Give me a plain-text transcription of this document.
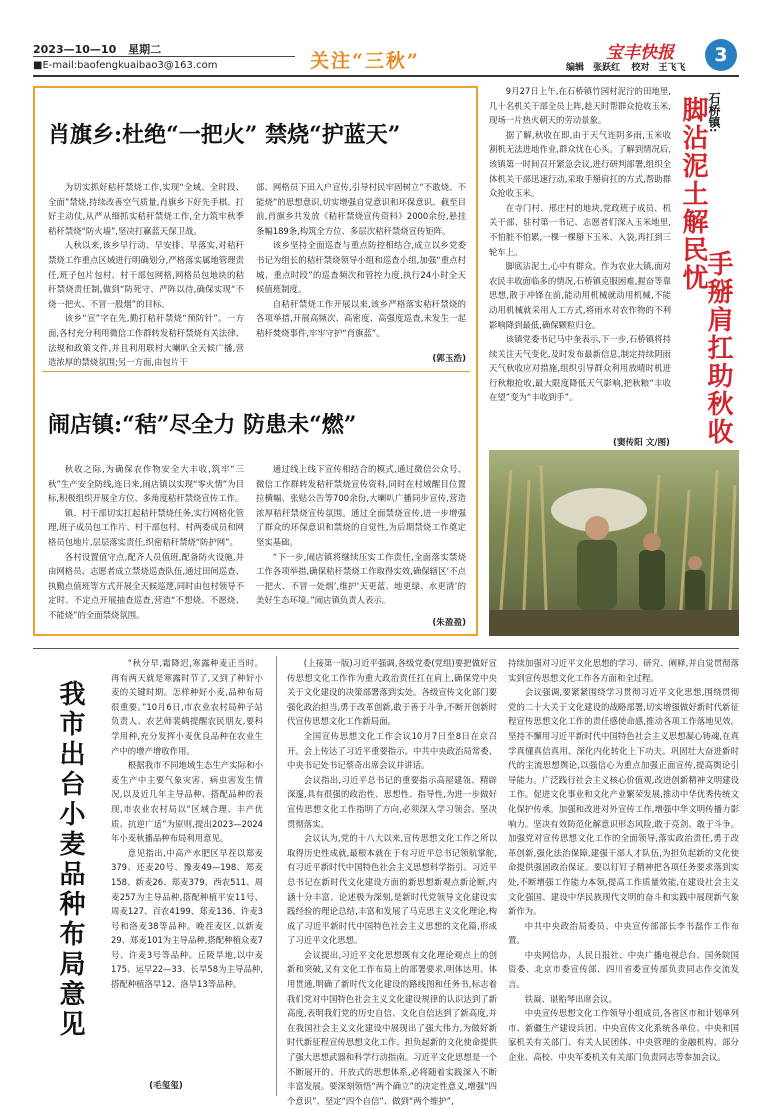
2023—10—10 星期二
■E-mail:baofengkuaibao3@163.com	关注“三秋”	宝丰快报	3
编辑 张跃红 校对 王飞飞
肖旗乡:杜绝“一把火” 禁烧“护蓝天”
为切实抓好秸秆禁烧工作,实现“全域、全时段、全面”禁烧,持续改善空气质量,肖旗乡下好先手棋、打好主动仗,从严从细抓实秸秆禁烧工作,全力筑牢秋季秸秆禁烧“防火墙”,坚决打赢蓝天保卫战。
人秋以来,该乡早行动、早安排、早落实,对秸秆禁烧工作重点区域进行明确划分,严格落实属地管理责任,班子包片包村、村干部包网格,网格员包地块的秸秆禁烧责任制,做到“防死守、严阵以待,确保实现“不烧一把火、不冒一股烟”的目标。
该乡“宣”字在先,勤打秸秆禁烧“预防针”。一方面,各村充分利用微信工作群转发秸秆禁烧有关法律、法规和政策文件,并且利用联村大喇叭全天候广播,营造浓厚的禁烧氛围;另一方面,由包片干
部、网格员下田入户宣传,引导村民牢固树立“不敢烧、不能烧”的思想意识,切实增强自觉意识和环保意识。截至目前,肖旗乡共发放《秸秆禁烧宣传资料》2000余份,悬挂条幅189条,构筑全方位、多层次秸秆禁烧宣传矩阵。
该乡坚持全面巡查与重点防控相结合,成立以乡党委书记为组长的秸秆禁烧领导小组和巡查小组,加强“重点村城、重点时段”的巡查频次和管控力度,执行24小时全天候值班制度。
自秸秆禁烧工作开展以来,该乡严格落实秸秆禁烧的各项举措,开展高频次、高密度、高强度巡查,未发生一起秸秆焚烧事件,牢牢守护“肖旗蓝”。
(郭玉浩)
闹店镇:“秸”尽全力 防患未“燃”
秋收之际,为确保农作物安全大丰收,筑牢“三秋”生产安全防线,连日来,闹店镇以实现“零火情”为目标,积极组织开展全方位、多角度秸秆禁烧宣传工作。
镇、村干部切实扛起秸秆禁烧任务,实行网格化管理,班子成员包工作片、村干部包村、村两委成员和网格员包地片,层层落实责任,织密秸秆禁烧“防护网”。
各村设置值守点,配齐人员值班,配备防火设施,并由网格员、志愿者成立禁烧巡查队伍,通过田间巡查、执勤点值班等方式开展全天候巡逻,同时由包村领导不定时、不定点开展抽查巡查,营造“不想烧、不愿烧、不能烧”的全面禁烧氛围。
通过线上线下宣传相结合的模式,通过微信公众号、微信工作群转发秸秆禁烧宣传资料,同时在村域醒目位置拉横幅、张贴公告等700余份,大喇叭广播同步宣传,营造浓厚秸秆禁烧宣传氛围。通过全面禁烧宣传,进一步增强了群众的环保意识和禁烧的自觉性,为后期禁烧工作奠定坚实基础。
“下一步,闹店镇将继续压实工作责任,全面落实禁烧工作各项举措,确保秸秆禁烧工作取得实效,确保辖区‘不点一把火、不冒一处烟’,维护‘天更蓝、地更绿、水更清’的美好生态环境。”闹店镇负责人表示。
(朱盈盈)
9月27日上午,在石桥镇竹园村泥泞的田地里,几十名机关干部全员上阵,趁天时帮群众抢收玉米,现场一片热火朝天的劳动景象。
据了解,秋收在即,由于天气连阴多雨,玉米收割机无法进地作业,群众忧在心头。了解到情况后,该镇第一时间召开紧急会议,进行研判部署,组织全体机关干部迅速行动,采取手掰肩扛的方式,帮助群众抢收玉米。
在寺门村、邢庄村的地块,党政班子成员、机关干部、驻村第一书记、志愿者们深入玉米地里,不怕脏不怕累,一棵一棵掰下玉米、入袋,再扛到三轮车上。
脚底沾泥土,心中有群众。作为农业大镇,面对农民丰收面临多的情况,石桥镇克服困难,握奋等靠思想,散于冲锋在前,能动用机械就动用机械,不能动用机械就采用人工方式,将雨水对农作物的不利影响降到最低,确保颗粒归仓。
该镇党委书记马中奎表示,下一步,石桥镇将持续关注天气变化,及时发布最新信息,制定持续阴雨天气秋收应对措施,组织引导群众利用放晴时机进行秋粮抢收,最大限度降低天气影响,把秋粮“丰收在望”变为“丰收到手”。
(窦传阳 文/图)
石桥镇:
脚沾泥土解民忧
手掰肩扛助秋收
我市出台小麦品种布局意见
“秋分早,霜降迟,寒露种麦正当时。再有两天就是寒露时节了,又到了种好小麦的关键时期。怎样种好小麦,品种布局很重要。”10月6日,市农业农村局种子站负责人、农艺师裴鹤提醒农民朋友,要科学用种,充分发挥小麦优良品种在农业生产中的增产增收作用。
根据我市不同地域生态生产实际和小麦生产中主要气象灾害、病虫害发生情况,以及近几年主导品种、搭配品种的表现,市农业农村局以“区域合理、丰产优质、抗逆广适”为原则,提出2023—2024年小麦秋播品种布局利用意见。
意见指出,中高产水肥区早茬以郑麦379、还麦20号、豫麦49—198、郑麦158、新麦26、郑麦379、西农511、周麦257为主导品种,搭配种植平安11号、周麦127、百农4199、郑麦136、许麦3号和洛麦38等品种。晚茬麦区,以新麦29、郑麦101为主导品种,搭配种植众麦7号、许麦3号等品种。丘陵旱地,以中麦175、运早22—33、长旱58为主导品种,搭配种植洛旱12、洛旱13等品种。
(毛玺玺)
(上接第一版)习近平强调,各级党委(党组)要把做好宣传思想文化工作作为重大政治责任扛在肩上,确保党中央关于文化建设的决策部署落到实处。各级宣传文化部门要强化政治担当,勇于改革创新,敢于善于斗争,不断开创新时代宣传思想文化工作新局面。
全国宣传思想文化工作会议10月7日至8日在京召开。会上传达了习近平重要指示。中共中央政治局常委、中央书记处书记蔡奇出席会议并讲话。
会议指出,习近平总书记的重要指示高屋建瓴、精辟深邃,具有很强的政治性、思想性、指导性,为进一步做好宣传思想文化工作指明了方向,必须深入学习领会、坚决贯彻落实。
会议认为,党的十八大以来,宣传思想文化工作之所以取得历史性成就,最根本就在于有习近平总书记领航掌舵,有习近平新时代中国特色社会主义思想科学指引。习近平总书记在新时代文化建设方面的新思想新观点新论断,内涵十分丰富、论述极为深刻,是新时代党领导文化建设实践经验的理论总结,丰富和发展了马克思主义文化理论,构成了习近平新时代中国特色社会主义思想的文化篇,形成了习近平文化思想。
会议提出,习近平文化思想既有文化理论观点上的创新和突破,又有文化工作布局上的部署要求,明体达用、体用贯通,明确了新时代文化建设的路线图和任务书,标志着我们党对中国特色社会主义文化建设规律的认识达到了新高度,表明我们党的历史自信、文化自信达到了新高度,并在我国社会主义文化建设中展现出了强大伟力,为做好新时代新征程宣传思想文化工作、担负起新的文化使命提供了强大思想武器和科学行动指南。习近平文化思想是一个不断展开的、开放式的思想体系,必将随着实践深入不断丰富发展。要深刻领悟“两个确立”的决定性意义,增强“四个意识”、坚定“四个自信”、做到“两个维护”,
持续加强对习近平文化思想的学习、研究、阐释,并自觉贯彻落实到宣传思想文化工作各方面和全过程。
会议强调,要紧紧围绕学习贯彻习近平文化思想,围绕贯彻党的二十大关于文化建设的战略部署,切实增强做好新时代新征程宣传思想文化工作的责任感使命感,推动各项工作落地见效。坚持不懈用习近平新时代中国特色社会主义思想凝心铸魂,在真学真懂真信真用、深化内化转化上下功夫。巩固壮大奋进新时代的主流思想舆论,以强信心为重点加强正面宣传,提高舆论引导能力。广泛践行社会主义核心价值观,改进创新精神文明建设工作。促进文化事业和文化产业繁荣发展,推动中华优秀传统文化保护传承。加强和改进对外宣传工作,增强中华文明传播力影响力。坚决有效防范化解意识形态风险,敢于亮剑、敢于斗争。加强党对宣传思想文化工作的全面领导,落实政治责任,勇于改革创新,强化法治保障,建强干部人才队伍,为担负起新的文化使命提供强固政治保证。要以钉钉子精神把各项任务要求落到实处,不断增强工作能力本领,提高工作质量效能,在建设社会主义文化强国、建设中华民族现代文明的奋斗和实践中展现新气象新作为。
中共中央政治局委员、中央宣传部部长李书磊作工作布置。
中央网信办、人民日报社、中央广播电视总台、国务院国资委、北京市委宣传部、四川省委宣传部负责同志作交流发言。
铁凝、谌贻琴出席会议。
中央宣传思想文化工作领导小组成员,各省区市和计划单列市、新疆生产建设兵团、中央宣传文化系统各单位、中央和国家机关有关部门、有关人民团体、中央管理的金融机构、部分企业、高校、中央军委机关有关部门负责同志等参加会议。
